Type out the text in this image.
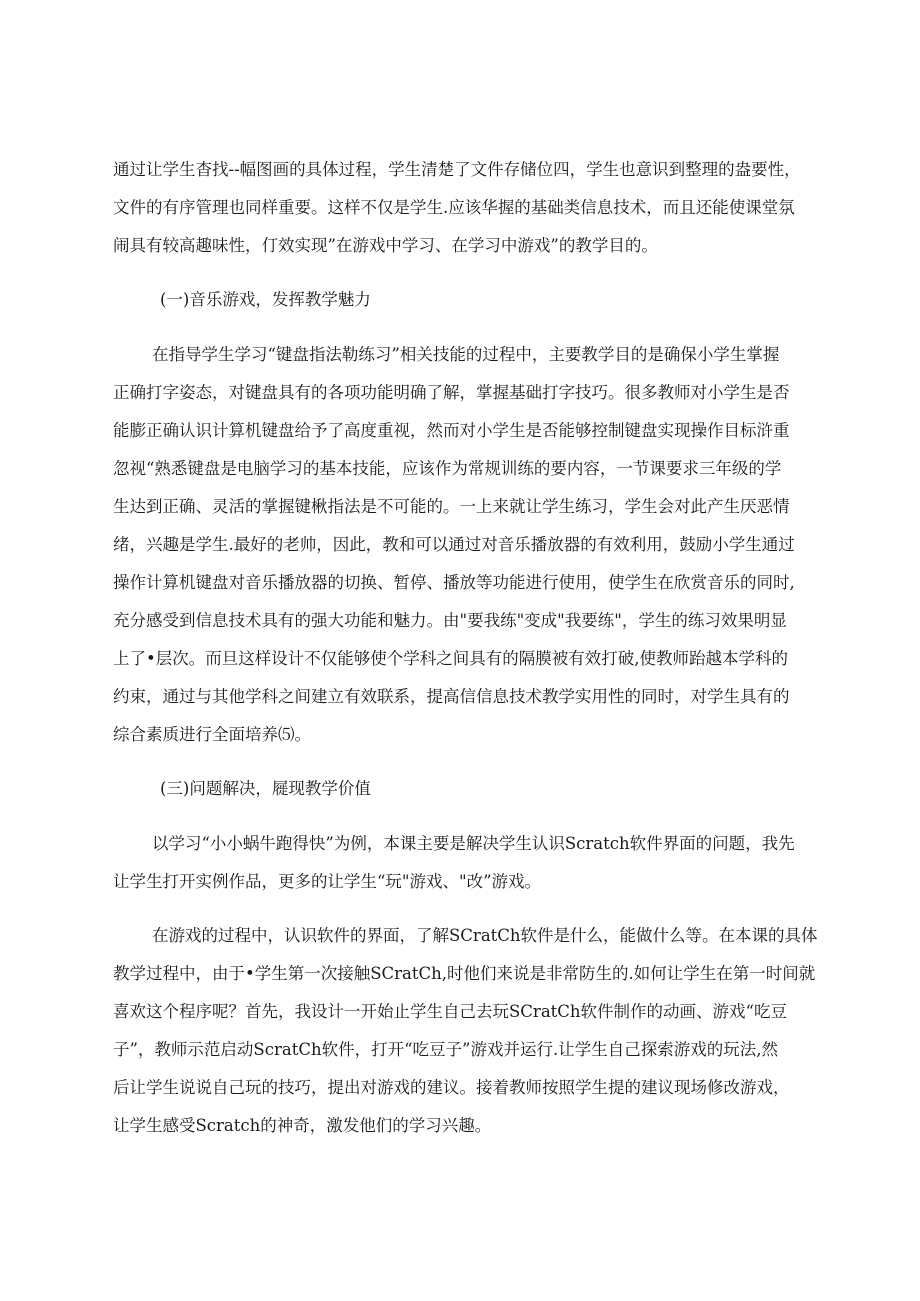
通过让学生杳找--幅图画的具体过程，学生清楚了文件存储位四，学生也意识到整理的盎要性，
文件的有序管理也同样重要。这样不仅是学生.应该华握的基础类信息技术，而且还能使课堂氛
闹具有较高趣味性，仃效实现”在游戏中学习、在学习中游戏”的教学目的。
(一)音乐游戏，发挥教学魅力
在指导学生学习“键盘指法勒练习”相关技能的过程中，主要教学目的是确保小学生掌握
正确打字姿态，对键盘具有的各项功能明确了解，掌握基础打字技巧。很多教师对小学生是否
能膨正确认识计算机键盘给予了高度重视，然而对小学生是否能够控制键盘实现操作目标浒重
忽视“熟悉键盘是电脑学习的基本技能，应该作为常规训练的要内容，一节课要求三年级的学
生达到正确、灵活的掌握键楸指法是不可能的。一上来就让学生练习，学生会对此产生厌恶情
绪，兴趣是学生.最好的老帅，因此，教和可以通过对音乐播放器的有效利用，鼓励小学生通过
操作计算机键盘对音乐播放器的切换、暂停、播放等功能进行使用，使学生在欣赏音乐的同时,
充分感受到信息技术具有的强大功能和魅力。由"要我练"变成"我要练"，学生的练习效果明显
上了•层次。而旦这样设计不仅能够使个学科之间具有的隔膜被有效打破,使教师跆越本学科的
约束，通过与其他学科之间建立有效联系，提高信信息技术教学实用性的同时，对学生具有的
综合素质进行全面培养⑸。
(三)问题解决，屣现教学价值
以学习“小小蜗牛跑得快”为例，本课主要是解决学生认识Scratch软件界面的问题，我先
让学生打开实例作品，更多的让学生“玩"游戏、"改”游戏。
在游戏的过程中，认识软件的界面，了解SCratCh软件是什么，能做什么等。在本课的具体
教学过程中，由于•学生第一次接触SCratCh,时他们来说是非常防生的.如何让学生在第一时间就
喜欢这个程序呢？首先，我设计一开始止学生自己去玩SCratCh软件制作的动画、游戏“吃豆
子”，教师示范启动ScratCh软件，打开“吃豆子”游戏并运行.让学生自己探索游戏的玩法,然
后让学生说说自己玩的技巧，提出对游戏的建议。接着教师按照学生提的建议现场修改游戏，
让学生感受Scratch的神奇，激发他们的学习兴趣。
